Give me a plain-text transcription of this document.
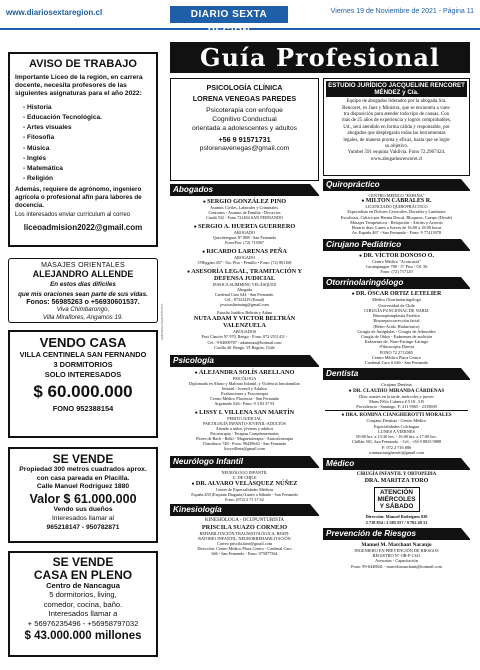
www.diariosextaregion.cl	DIARIO SEXTA REGIÓN
Viernes 19 de Noviembre de 2021 - Página 11
AVISO DE TRABAJO
Importante Liceo de la región, en carrera docente, necesita profesores de las siguientes asignaturas para el año 2022:
- Historia
- Educación Tecnológica.
- Artes visuales
- Filosofía
- Música
- Inglés
- Matemática
- Religión
Además, requiere de agrónomo, ingeniero agrícola o profesional afín para labores de docencia.
Los interesados enviar currículum al correo
liceoadmision2022@gmail.com
MASAJES ORIENTALES
ALEJANDRO ALLENDE
En estos días difíciles
que mis oraciones sean parte de sus vidas.
Fonos: 56985263 o +56930601537.
Viva Chimbarongo,
Villa Miraflores, Angamos 19.
VENDO CASA
VILLA CENTINELA SAN FERNANDO
3 DORMITORIOS
SOLO INTERESADOS
$ 60.000.000
FONO 952388154
SE VENDE
Propiedad 300 metros cuadrados aprox.
con casa pareada en Placilla.
Calle Manuel Rodríguez 1880
Valor $ 61.000.000
Vendo sus dueños
Interesados llamar al
965218147 - 950782871
SE VENDE
CASA EN PLENO
Centro de Nancagua
5 dormitorios, living,
comedor, cocina, baño.
Interesados llamar a
+ 56976235496 - +56958797032
$ 43.000.000 millones
EMPRESA PERIODÍSTICA
Guía Profesional
PSICOLOGÍA CLÍNICA
LORENA VENEGAS PAREDES
Psicoterapia con enfoque
Cognitivo Conductual
orientada a adolescentes y adultos
+56 9 91571731
pslorenavenegas@gmail.com
Abogados
● SERGIO GONZÁLEZ PINO
Asuntos Civiles, Laborales y Criminales.
Contratos - Asuntos de Familia - Divorcios
Cuadá 532 - Fono 721484 SAN FERNANDO
● SERGIO A. HUERTA GUERRERO
ABOGADO
Quechereguas N° 888 - San Fernando
Fono/Fax: (72) 713967
● RICARDO LARENAS PEÑA
ABOGADO
O'Higgins 457 - 5to. Piso - Pentillo • Fono: (72) 801168
● ASESORÍA LEGAL, TRAMITACIÓN Y DEFENSA JUDICIAL
JESSICA SLIMMING VELÁSQUEZ
Abogada
Cardenal Caro 644 - San Fernando.
Cel.: 87323419 (Email)
jessicaslimming@gmail.com
Estudio Jurídico Beltrán y Adam
NUTA ADAM Y VICTOR BELTRÁN VALENZUELA
ABOGADOS
Post Chacón N° 970, Rengo - Fono: 072-2511411 -
Cel.: 9-84009787 - adamnuta@hotmail.com
Casilla 40. Rengo. VI Región. Chile
Psicología
● ALEJANDRA SOLÍS ARELLANO
PSICÓLOGA
Diplomada en Abuso y Maltrato Infantil, y Violencia Intrafamiliar
Infantil - Juvenil y Adultos
Evaluaciones y Psicoterapia
Centro Médico Placencia - San Fernando
Argomedo 626 / Fono: 9 3 83 37 81
● LISSY I. VILLENA SAN MARTÍN
PERITO JUDICIAL
PSICOLOGÍA INFANTO-JUVENIL-ADULTOS
Atiende a niños, jóvenes y adultos
Psicoterapia - Terapias Complementarias
Flores de Bach - Reiki - Magnetoterapia - Auriculoterapia
Chacabuco 748 - Fono: 98439643 - San Fernando
lissyvillena@gmail.com
Neurólogo Infantil
NEURÓLOGO INFANTIL
U. DE CHILE
● DR. ALVARO VELÁSQUEZ NÚÑEZ
Centro de Especialidades Médicas
España 450 (Esquina Diaguita) Lunes a Sábado - San Fernando
Fono: (072) 2 71 17 62
Kinesiología
KINESIOLOGA - OCUPUNTURISTA
PRISCILA SUAZO CORNEJO
REHABILITACIÓN TRAUMATOLÓGICA, RESPI-
RATORIO INFANTIL, NEURORREHABILITACIÓN
Correo priscila.kine@gmail.com
Dirección: Centro Medico Placa Centro - Cardenal Caro
646 - San Fernando - Fono: 975877564
ESTUDIO JURÍDICO JACQUELINE RENCORET MÉNDEZ y Cía.
Equipo de abogados liderados por la abogada Sra.
Rencoret, ex Juez y Ministra, que se encuentra a vues-
tra disposición para atender todo tipo de causas. Con
más de 25 años de experiencia y logros comprobables,
Ud., será atendido en forma cálida y responsable, por
abogados que desplegarán todas las herramientas
legales, de manera pronta y eficaz, hasta que se logre
su objetivo.
Yumbel 591 esquina Valdivia. Fono 72.2967424.
www.abogadosrencoret.cl
Quiropráctico
CENTRO MEDICO "ESPAÑA"
● MILTON CABRALES R.
LICENCIADO QUIROPRÁCTICO
Especialista en Dolores Cervicales, Dorsales y Lumbares
Escoliosis, Ciática por Hernia Discal, Bloqueos, Cuerpo (Desde)
Masajes Terapéuticos - Relajación - Artritis y Artrosis
Horario días: Lunes a Jueves de 16:00 a 18:00 horas
Av. España 467 - San Fernando - Fono: 9 77413978
Cirujano Pediátrico
● DR. VÍCTOR DONOSO O.
Centro Médico "Aconcavía"
Carampangue 788 - 5° Piso - Of. 56
Fono: (72) 717120
Otorrinolaringólogo
● DR. ÓSCAR ORTIZ LETELIER
Médico Otorrinolaringólogo
Universidad de Chile
CIRUGÍA FUNCIONAL DE NARIZ
Rinoseptumplastia Estética
Rinoseptocorrección facial
(Rétro-Acido Hialurónico)
Cirugía de Amígdalas - Cirugía de Adenoides
Cirugía de Oídos - Exámenes de audición
Exámenes de: Naso-Faringo-Laringo
-Fibroscopia Directa
FONO 72 2712065
Centro Médico Placa Centro
Cardenal Caro # 646 - San Fernando
Dentista
Cirujano Dentista
● DR. CLAUDIO MIRANDA CÁRDENAS
Días: martes en la tarde, miércoles y jueves
Mons Félix Cabrera # 5 Of. 3 B
Providencia - Santiago. F: 211 9965 - 2319600
● DRA. ROMINA CIANGHEROTTI MORALES
Cirujano Dentista - Centro Médico
Especialidades Colchagua
LUNES A VIERNES
09:00 hrs. a 13:30 hrs. - 16:00 hrs. a 17:00 hrs.
Chillán 501, San Fernando. - Cel.: +56 9 8825 9888
F: 072 2 716 886
rominaciangherotti@gmail.com
Médico
CIRUGÍA INFANTIL Y ORTOPEDIA
DRA. MARITZA TORO
ATENCIÓN
MIÉRCOLES
Y SÁBADO
Dirección: Manuel Rodríguez 820
2 718 854 / 2 585 557 / 9 702 48 31
Prevención de Riesgos
Manuel M. Marchant Naranjo
INGENIERO EN PREVENCIÓN DE RIESGOS
REGISTRO N° OB-P-1341
Asesorías - Capacitación
Fono: 99-6448841 - marcelomarchant@hotmail.com
